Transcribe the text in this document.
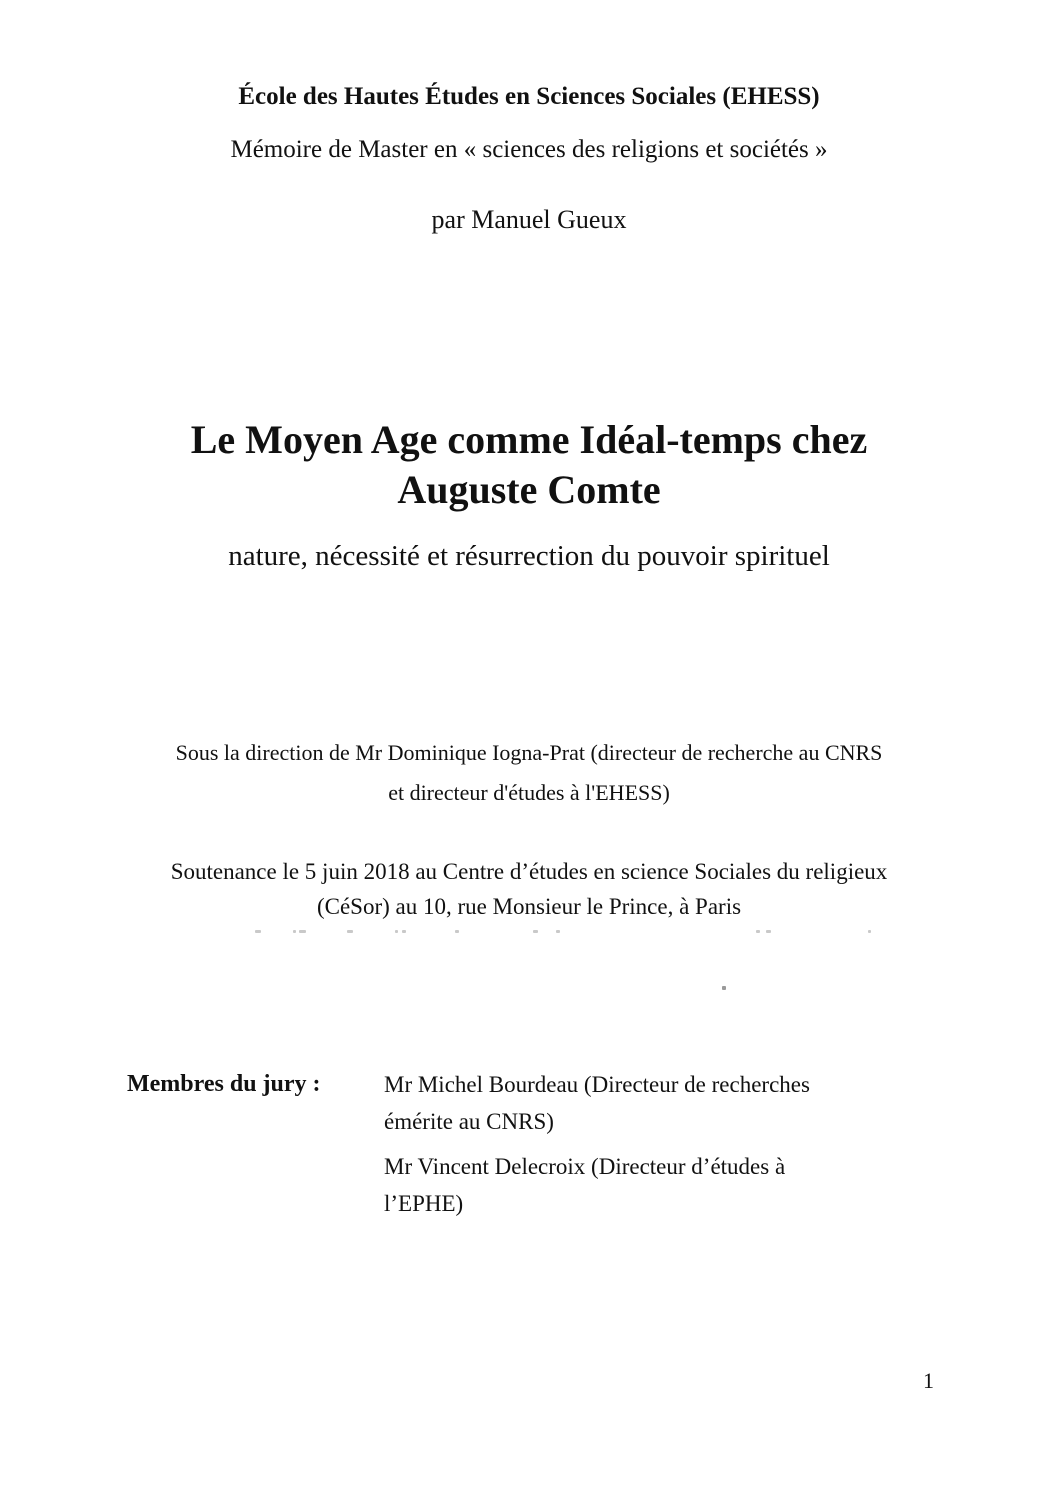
École des Hautes Études en Sciences Sociales (EHESS)
Mémoire de Master en « sciences des religions et sociétés »
par Manuel Gueux
Le Moyen Age comme Idéal-temps chez
Auguste Comte
nature, nécessité et résurrection du pouvoir spirituel
Sous la direction de Mr Dominique Iogna-Prat (directeur de recherche au CNRS
et directeur d'études à l'EHESS)
Soutenance le 5 juin 2018 au Centre d’études en science Sociales du religieux
(CéSor) au 10, rue Monsieur le Prince, à Paris
Membres du jury :	Mr Michel Bourdeau (Directeur de recherches
émérite au CNRS)

Mr Vincent Delecroix (Directeur d’études à
l’EPHE)

1
